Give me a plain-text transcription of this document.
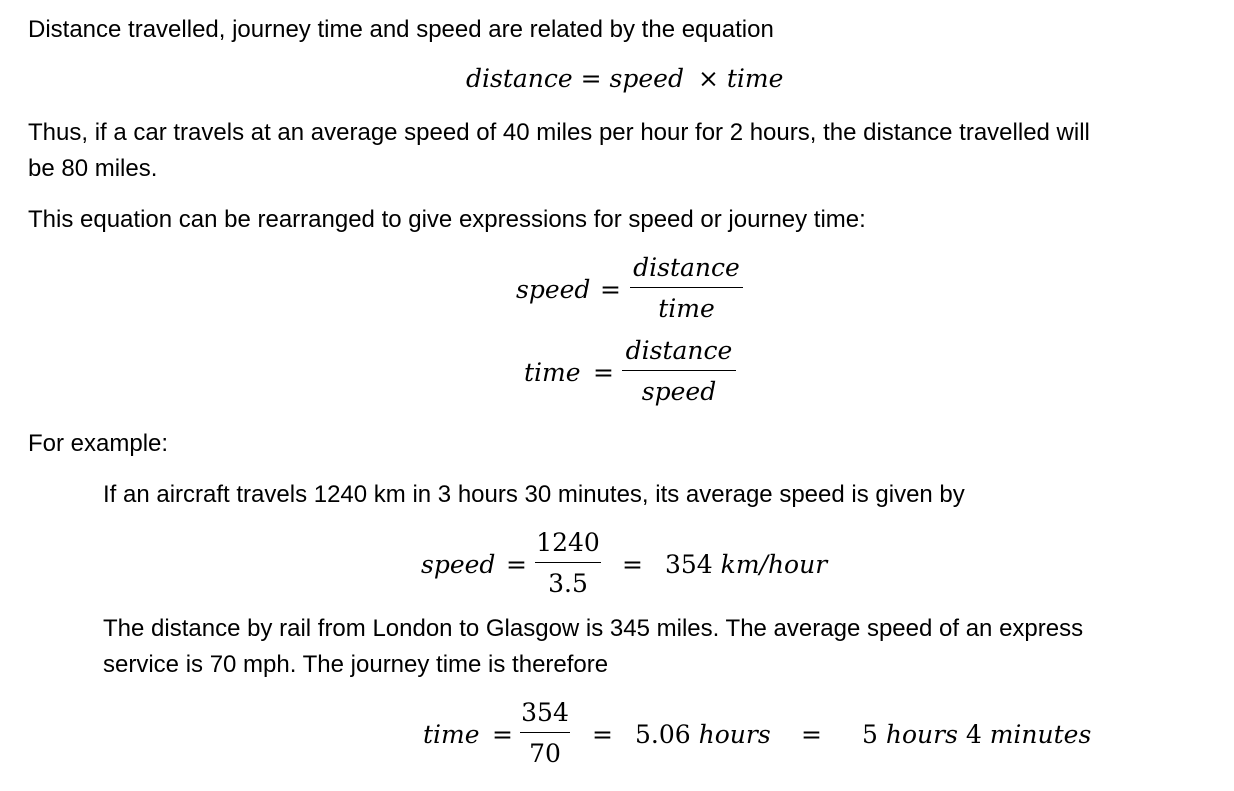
Distance travelled, journey time and speed are related by the equation
distance = speed × time
Thus, if a car travels at an average speed of 40 miles per hour for 2 hours, the distance travelled will
be 80 miles.
This equation can be rearranged to give expressions for speed or journey time:
speed =
distance
time
time =
distance
speed
For example:
If an aircraft travels 1240 km in 3 hours 30 minutes, its average speed is given by
speed =
1240
3.5
= 354 km/hour
The distance by rail from London to Glasgow is 345 miles. The average speed of an express
service is 70 mph. The journey time is therefore
time =
354
70
= 5.06 hours = 5 hours 4 minutes
